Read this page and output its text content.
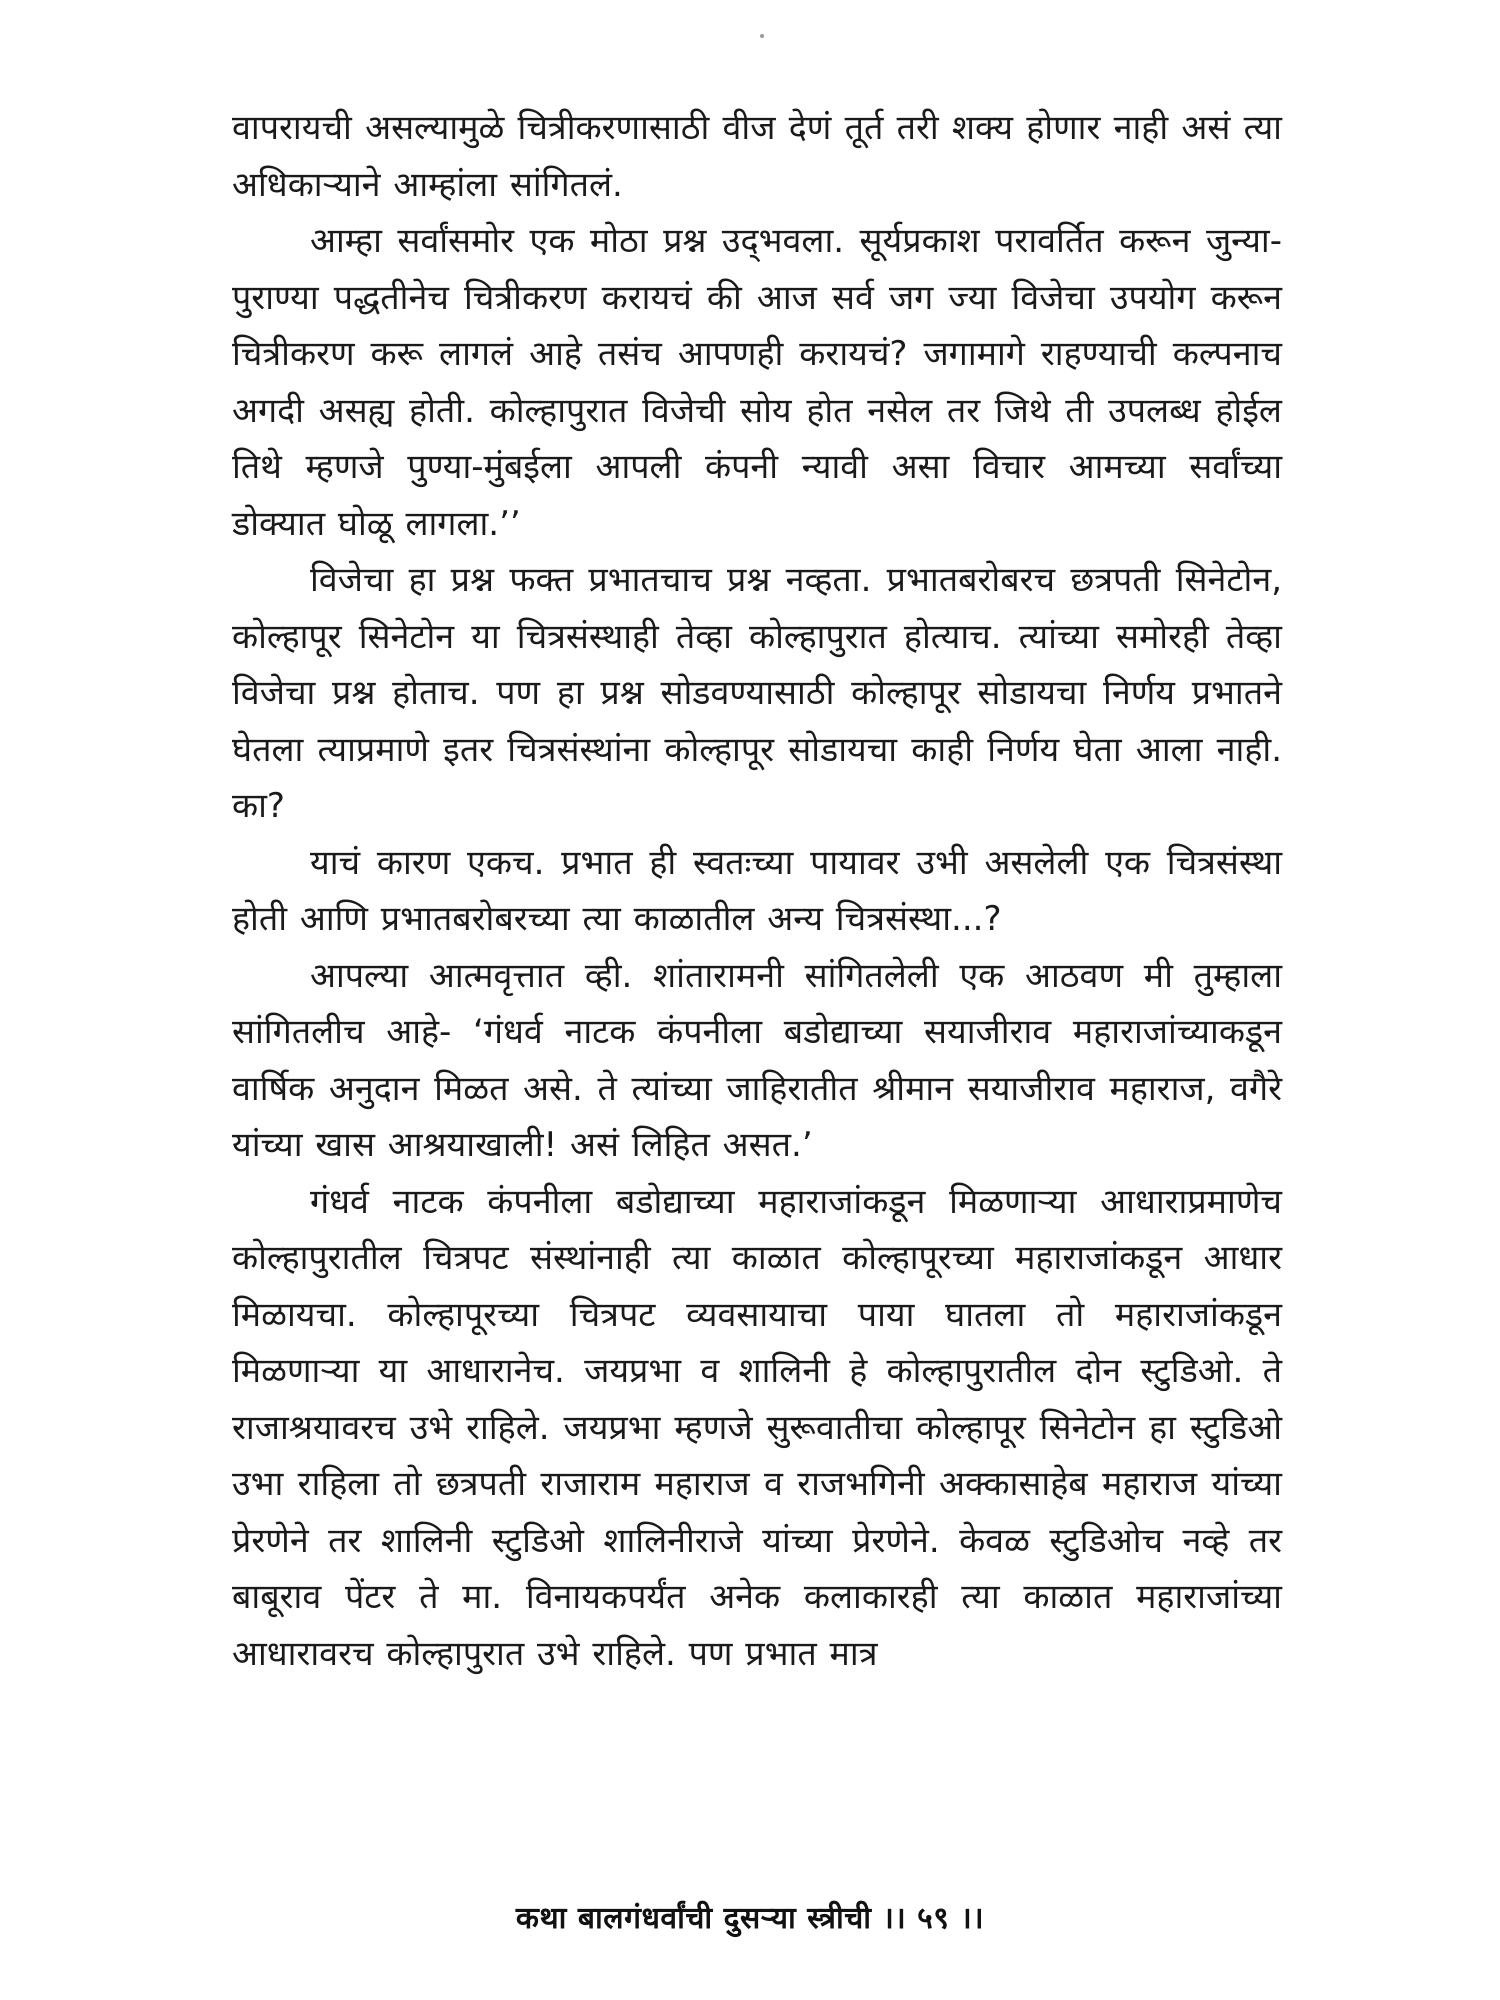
वापरायची असल्यामुळे चित्रीकरणासाठी वीज देणं तूर्त तरी शक्य होणार नाही असं त्या अधिकाऱ्याने आम्हांला सांगितलं.

आम्हा सर्वांसमोर एक मोठा प्रश्न उद्‌भवला. सूर्यप्रकाश परावर्तित करून जुन्या-पुराण्या पद्धतीनेच चित्रीकरण करायचं की आज सर्व जग ज्या विजेचा उपयोग करून चित्रीकरण करू लागलं आहे तसंच आपणही करायचं? जगामागे राहण्याची कल्पनाच अगदी असह्य होती. कोल्हापुरात विजेची सोय होत नसेल तर जिथे ती उपलब्ध होईल तिथे म्हणजे पुण्या-मुंबईला आपली कंपनी न्यावी असा विचार आमच्या सर्वांच्या डोक्यात घोळू लागला.’’

विजेचा हा प्रश्न फक्त प्रभातचाच प्रश्न नव्हता. प्रभातबरोबरच छत्रपती सिनेटोन, कोल्हापूर सिनेटोन या चित्रसंस्थाही तेव्हा कोल्हापुरात होत्याच. त्यांच्या समोरही तेव्हा विजेचा प्रश्न होताच. पण हा प्रश्न सोडवण्यासाठी कोल्हापूर सोडायचा निर्णय प्रभातने घेतला त्याप्रमाणे इतर चित्रसंस्थांना कोल्हापूर सोडायचा काही निर्णय घेता आला नाही. का?

याचं कारण एकच. प्रभात ही स्वतःच्या पायावर उभी असलेली एक चित्रसंस्था होती आणि प्रभातबरोबरच्या त्या काळातील अन्य चित्रसंस्था...?

आपल्या आत्मवृत्तात व्ही. शांतारामनी सांगितलेली एक आठवण मी तुम्हाला सांगितलीच आहे- ‘गंधर्व नाटक कंपनीला बडोद्याच्या सयाजीराव महाराजांच्याकडून वार्षिक अनुदान मिळत असे. ते त्यांच्या जाहिरातीत श्रीमान सयाजीराव महाराज, वगैरे यांच्या खास आश्रयाखाली! असं लिहित असत.’

गंधर्व नाटक कंपनीला बडोद्याच्या महाराजांकडून मिळणाऱ्या आधाराप्रमाणेच कोल्हापुरातील चित्रपट संस्थांनाही त्या काळात कोल्हापूरच्या महाराजांकडून आधार मिळायचा. कोल्हापूरच्या चित्रपट व्यवसायाचा पाया घातला तो महाराजांकडून मिळणाऱ्या या आधारानेच. जयप्रभा व शालिनी हे कोल्हापुरातील दोन स्टुडिओ. ते राजाश्रयावरच उभे राहिले. जयप्रभा म्हणजे सुरूवातीचा कोल्हापूर सिनेटोन हा स्टुडिओ उभा राहिला तो छत्रपती राजाराम महाराज व राजभगिनी अक्कासाहेब महाराज यांच्या प्रेरणेने तर शालिनी स्टुडिओ शालिनीराजे यांच्या प्रेरणेने. केवळ स्टुडिओच नव्हे तर बाबूराव पेंटर ते मा. विनायकपर्यंत अनेक कलाकारही त्या काळात महाराजांच्या आधारावरच कोल्हापुरात उभे राहिले. पण प्रभात मात्र

कथा बालगंधर्वांची दुसऱ्या स्त्रीची ।। ५९ ।।
